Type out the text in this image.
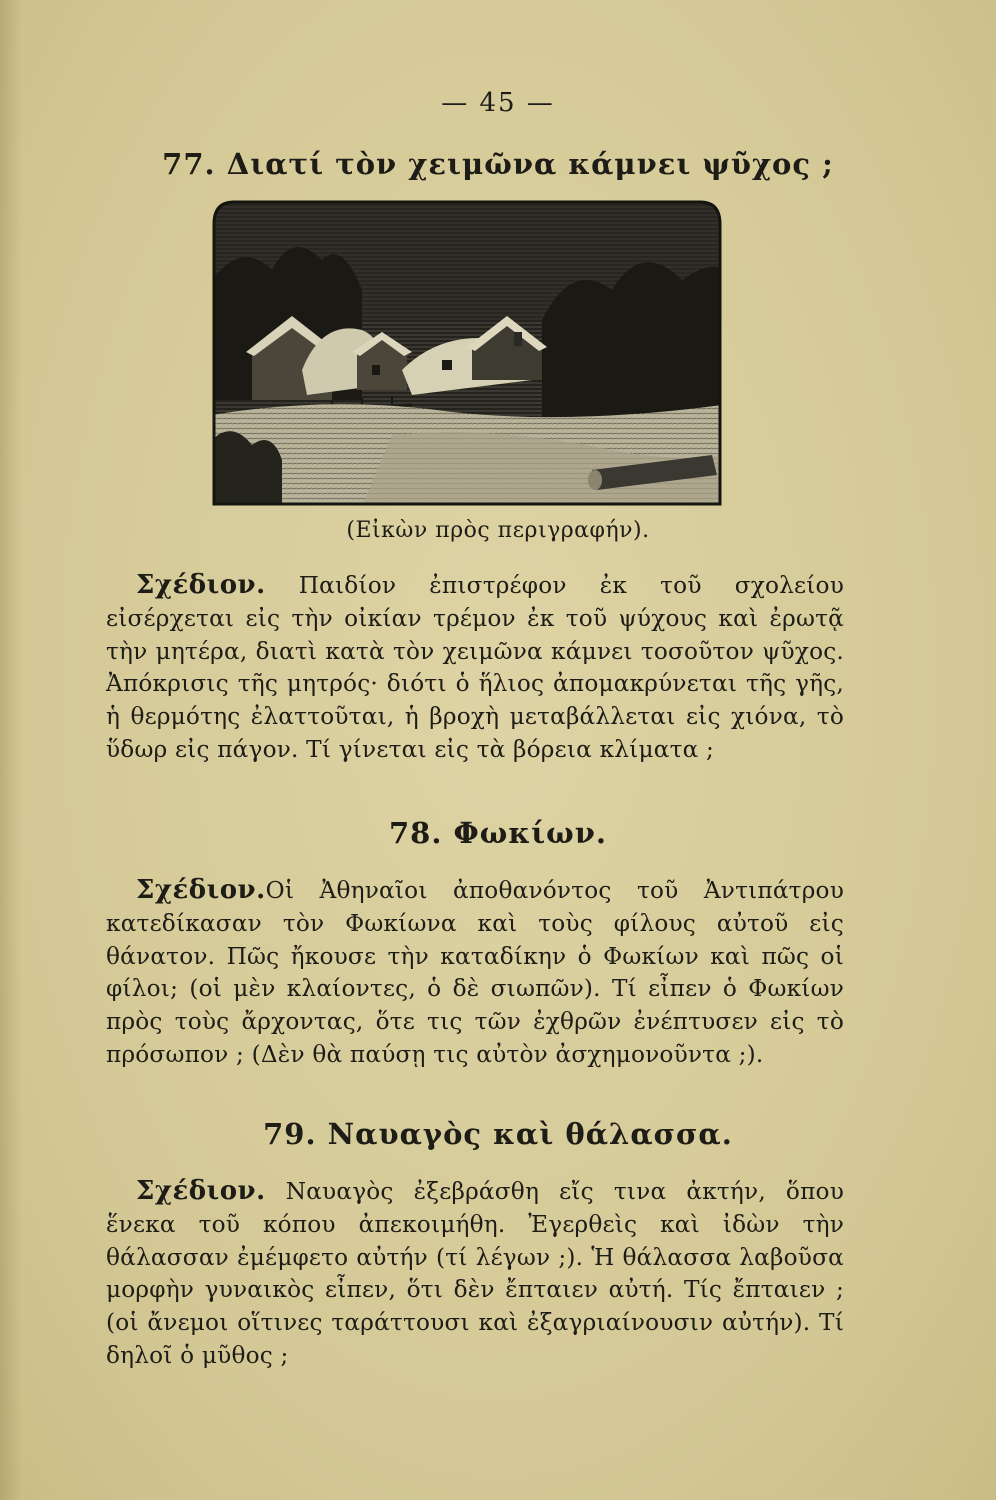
— 45 —
77. Διατί τὸν χειμῶνα κάμνει ψῦχος ;
(Εἰκὼν πρὸς περιγραφήν).
Σχέδιον. Παιδίον ἐπιστρέφον ἐκ τοῦ σχολείου εἰσέρχεται εἰς τὴν οἰκίαν τρέμον ἐκ τοῦ ψύχους καὶ ἐρωτᾷ τὴν μητέρα, διατὶ κατὰ τὸν χειμῶνα κάμνει τοσοῦτον ψῦχος. Ἀπόκρισις τῆς μητρός· διότι ὁ ἥλιος ἀπομακρύνεται τῆς γῆς, ἡ θερμότης ἐλαττοῦται, ἡ βροχὴ μεταβάλλεται εἰς χιόνα, τὸ ὕδωρ εἰς πάγον. Τί γίνεται εἰς τὰ βόρεια κλίματα ;
78. Φωκίων.
Σχέδιον.Οἱ Ἀθηναῖοι ἀποθανόντος τοῦ Ἀντιπάτρου κατεδίκασαν τὸν Φωκίωνα καὶ τοὺς φίλους αὐτοῦ εἰς θάνατον. Πῶς ἤκουσε τὴν καταδίκην ὁ Φωκίων καὶ πῶς οἱ φίλοι; (οἱ μὲν κλαίοντες, ὁ δὲ σιωπῶν). Τί εἶπεν ὁ Φωκίων πρὸς τοὺς ἄρχοντας, ὅτε τις τῶν ἐχθρῶν ἐνέπτυσεν εἰς τὸ πρόσωπον ; (Δὲν θὰ παύσῃ τις αὐτὸν ἀσχημονοῦντα ;).
79. Ναυαγὸς καὶ θάλασσα.
Σχέδιον. Ναυαγὸς ἐξεβράσθη εἴς τινα ἀκτήν, ὅπου ἕνεκα τοῦ κόπου ἀπεκοιμήθη. Ἐγερθεὶς καὶ ἰδὼν τὴν θάλασσαν ἐμέμφετο αὐτήν (τί λέγων ;). Ἡ θάλασσα λαβοῦσα μορφὴν γυναικὸς εἶπεν, ὅτι δὲν ἔπταιεν αὐτή. Τίς ἔπταιεν ; (οἱ ἄνεμοι οἵτινες ταράττουσι καὶ ἐξαγριαίνουσιν αὐτήν). Τί δηλοῖ ὁ μῦθος ;
